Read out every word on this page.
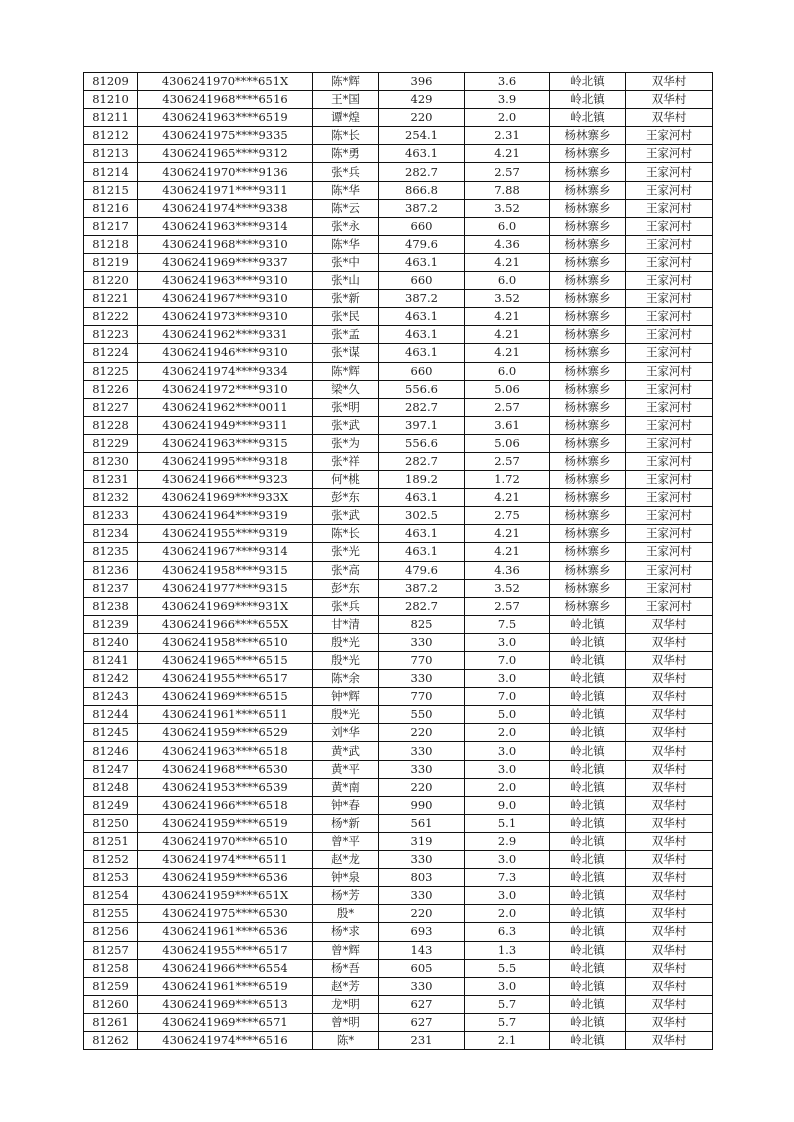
81209	4306241970****651X	陈*辉	396	3.6	岭北镇	双华村
81210	4306241968****6516	王*国	429	3.9	岭北镇	双华村
81211	4306241963****6519	谭*煌	220	2.0	岭北镇	双华村
81212	4306241975****9335	陈*长	254.1	2.31	杨林寨乡	王家河村
81213	4306241965****9312	陈*勇	463.1	4.21	杨林寨乡	王家河村
81214	4306241970****9136	张*兵	282.7	2.57	杨林寨乡	王家河村
81215	4306241971****9311	陈*华	866.8	7.88	杨林寨乡	王家河村
81216	4306241974****9338	陈*云	387.2	3.52	杨林寨乡	王家河村
81217	4306241963****9314	张*永	660	6.0	杨林寨乡	王家河村
81218	4306241968****9310	陈*华	479.6	4.36	杨林寨乡	王家河村
81219	4306241969****9337	张*中	463.1	4.21	杨林寨乡	王家河村
81220	4306241963****9310	张*山	660	6.0	杨林寨乡	王家河村
81221	4306241967****9310	张*新	387.2	3.52	杨林寨乡	王家河村
81222	4306241973****9310	张*民	463.1	4.21	杨林寨乡	王家河村
81223	4306241962****9331	张*孟	463.1	4.21	杨林寨乡	王家河村
81224	4306241946****9310	张*谋	463.1	4.21	杨林寨乡	王家河村
81225	4306241974****9334	陈*辉	660	6.0	杨林寨乡	王家河村
81226	4306241972****9310	梁*久	556.6	5.06	杨林寨乡	王家河村
81227	4306241962****0011	张*明	282.7	2.57	杨林寨乡	王家河村
81228	4306241949****9311	张*武	397.1	3.61	杨林寨乡	王家河村
81229	4306241963****9315	张*为	556.6	5.06	杨林寨乡	王家河村
81230	4306241995****9318	张*祥	282.7	2.57	杨林寨乡	王家河村
81231	4306241966****9323	何*桃	189.2	1.72	杨林寨乡	王家河村
81232	4306241969****933X	彭*东	463.1	4.21	杨林寨乡	王家河村
81233	4306241964****9319	张*武	302.5	2.75	杨林寨乡	王家河村
81234	4306241955****9319	陈*长	463.1	4.21	杨林寨乡	王家河村
81235	4306241967****9314	张*光	463.1	4.21	杨林寨乡	王家河村
81236	4306241958****9315	张*高	479.6	4.36	杨林寨乡	王家河村
81237	4306241977****9315	彭*东	387.2	3.52	杨林寨乡	王家河村
81238	4306241969****931X	张*兵	282.7	2.57	杨林寨乡	王家河村
81239	4306241966****655X	甘*清	825	7.5	岭北镇	双华村
81240	4306241958****6510	殷*光	330	3.0	岭北镇	双华村
81241	4306241965****6515	殷*光	770	7.0	岭北镇	双华村
81242	4306241955****6517	陈*余	330	3.0	岭北镇	双华村
81243	4306241969****6515	钟*辉	770	7.0	岭北镇	双华村
81244	4306241961****6511	殷*光	550	5.0	岭北镇	双华村
81245	4306241959****6529	刘*华	220	2.0	岭北镇	双华村
81246	4306241963****6518	黄*武	330	3.0	岭北镇	双华村
81247	4306241968****6530	黄*平	330	3.0	岭北镇	双华村
81248	4306241953****6539	黄*南	220	2.0	岭北镇	双华村
81249	4306241966****6518	钟*春	990	9.0	岭北镇	双华村
81250	4306241959****6519	杨*新	561	5.1	岭北镇	双华村
81251	4306241970****6510	曾*平	319	2.9	岭北镇	双华村
81252	4306241974****6511	赵*龙	330	3.0	岭北镇	双华村
81253	4306241959****6536	钟*泉	803	7.3	岭北镇	双华村
81254	4306241959****651X	杨*芳	330	3.0	岭北镇	双华村
81255	4306241975****6530	殷*	220	2.0	岭北镇	双华村
81256	4306241961****6536	杨*求	693	6.3	岭北镇	双华村
81257	4306241955****6517	曾*辉	143	1.3	岭北镇	双华村
81258	4306241966****6554	杨*吾	605	5.5	岭北镇	双华村
81259	4306241961****6519	赵*芳	330	3.0	岭北镇	双华村
81260	4306241969****6513	龙*明	627	5.7	岭北镇	双华村
81261	4306241969****6571	曾*明	627	5.7	岭北镇	双华村
81262	4306241974****6516	陈*	231	2.1	岭北镇	双华村
